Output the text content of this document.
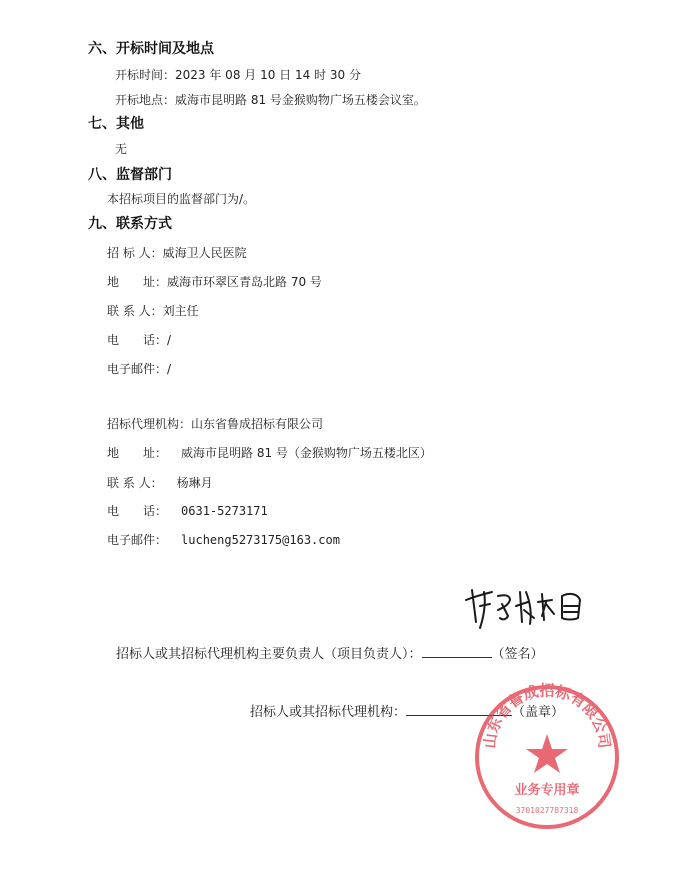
六、开标时间及地点
开标时间：2023 年 08 月 10 日 14 时 30 分
开标地点：威海市昆明路 81 号金猴购物广场五楼会议室。
七、其他
无
八、监督部门
本招标项目的监督部门为/。
九、联系方式
招 标 人：威海卫人民医院
地　　址：威海市环翠区青岛北路 70 号
联 系 人：刘主任
电　　话：/
电子邮件：/
招标代理机构：山东省鲁成招标有限公司
地　　址： 威海市昆明路 81 号（金猴购物广场五楼北区）
联 系 人： 杨琳月
电　　话： 0631-5273171
电子邮件： lucheng5273175@163.com
招标人或其招标代理机构主要负责人（项目负责人）：	（签名）
招标人或其招标代理机构：	（盖章）
山东省鲁成招标有限公司
业务专用章
3701027787318
